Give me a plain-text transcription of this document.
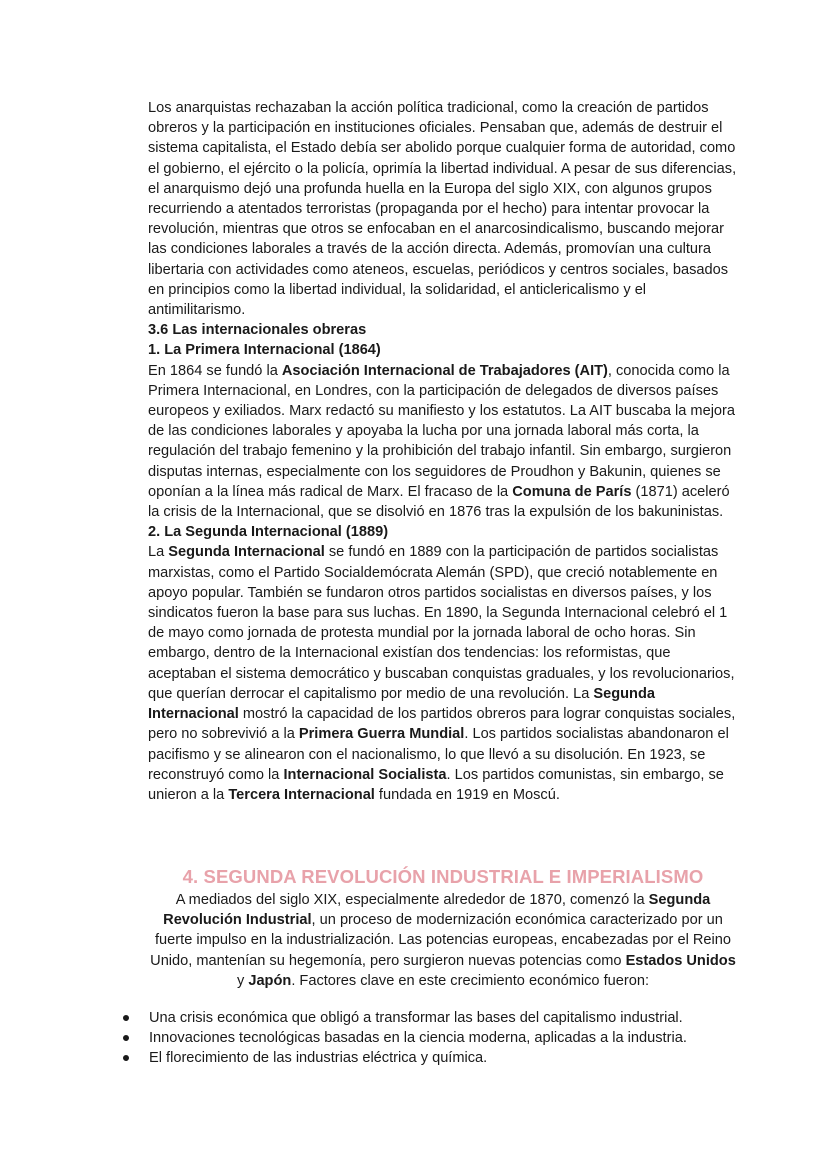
Los anarquistas rechazaban la acción política tradicional, como la creación de partidos obreros y la participación en instituciones oficiales. Pensaban que, además de destruir el sistema capitalista, el Estado debía ser abolido porque cualquier forma de autoridad, como el gobierno, el ejército o la policía, oprimía la libertad individual. A pesar de sus diferencias, el anarquismo dejó una profunda huella en la Europa del siglo XIX, con algunos grupos recurriendo a atentados terroristas (propaganda por el hecho) para intentar provocar la revolución, mientras que otros se enfocaban en el anarcosindicalismo, buscando mejorar las condiciones laborales a través de la acción directa. Además, promovían una cultura libertaria con actividades como ateneos, escuelas, periódicos y centros sociales, basados en principios como la libertad individual, la solidaridad, el anticlericalismo y el antimilitarismo.

3.6 Las internacionales obreras

1. La Primera Internacional (1864)

En 1864 se fundó la Asociación Internacional de Trabajadores (AIT), conocida como la Primera Internacional, en Londres, con la participación de delegados de diversos países europeos y exiliados. Marx redactó su manifiesto y los estatutos. La AIT buscaba la mejora de las condiciones laborales y apoyaba la lucha por una jornada laboral más corta, la regulación del trabajo femenino y la prohibición del trabajo infantil. Sin embargo, surgieron disputas internas, especialmente con los seguidores de Proudhon y Bakunin, quienes se oponían a la línea más radical de Marx. El fracaso de la Comuna de París (1871) aceleró la crisis de la Internacional, que se disolvió en 1876 tras la expulsión de los bakuninistas.

2. La Segunda Internacional (1889)

La Segunda Internacional se fundó en 1889 con la participación de partidos socialistas marxistas, como el Partido Socialdemócrata Alemán (SPD), que creció notablemente en apoyo popular. También se fundaron otros partidos socialistas en diversos países, y los sindicatos fueron la base para sus luchas. En 1890, la Segunda Internacional celebró el 1 de mayo como jornada de protesta mundial por la jornada laboral de ocho horas. Sin embargo, dentro de la Internacional existían dos tendencias: los reformistas, que aceptaban el sistema democrático y buscaban conquistas graduales, y los revolucionarios, que querían derrocar el capitalismo por medio de una revolución. La Segunda Internacional mostró la capacidad de los partidos obreros para lograr conquistas sociales, pero no sobrevivió a la Primera Guerra Mundial. Los partidos socialistas abandonaron el pacifismo y se alinearon con el nacionalismo, lo que llevó a su disolución. En 1923, se reconstruyó como la Internacional Socialista. Los partidos comunistas, sin embargo, se unieron a la Tercera Internacional fundada en 1919 en Moscú.

4. SEGUNDA REVOLUCIÓN INDUSTRIAL E IMPERIALISMO

A mediados del siglo XIX, especialmente alrededor de 1870, comenzó la Segunda Revolución Industrial, un proceso de modernización económica caracterizado por un fuerte impulso en la industrialización. Las potencias europeas, encabezadas por el Reino Unido, mantenían su hegemonía, pero surgieron nuevas potencias como Estados Unidos y Japón. Factores clave en este crecimiento económico fueron:

Una crisis económica que obligó a transformar las bases del capitalismo industrial.
Innovaciones tecnológicas basadas en la ciencia moderna, aplicadas a la industria.
El florecimiento de las industrias eléctrica y química.
